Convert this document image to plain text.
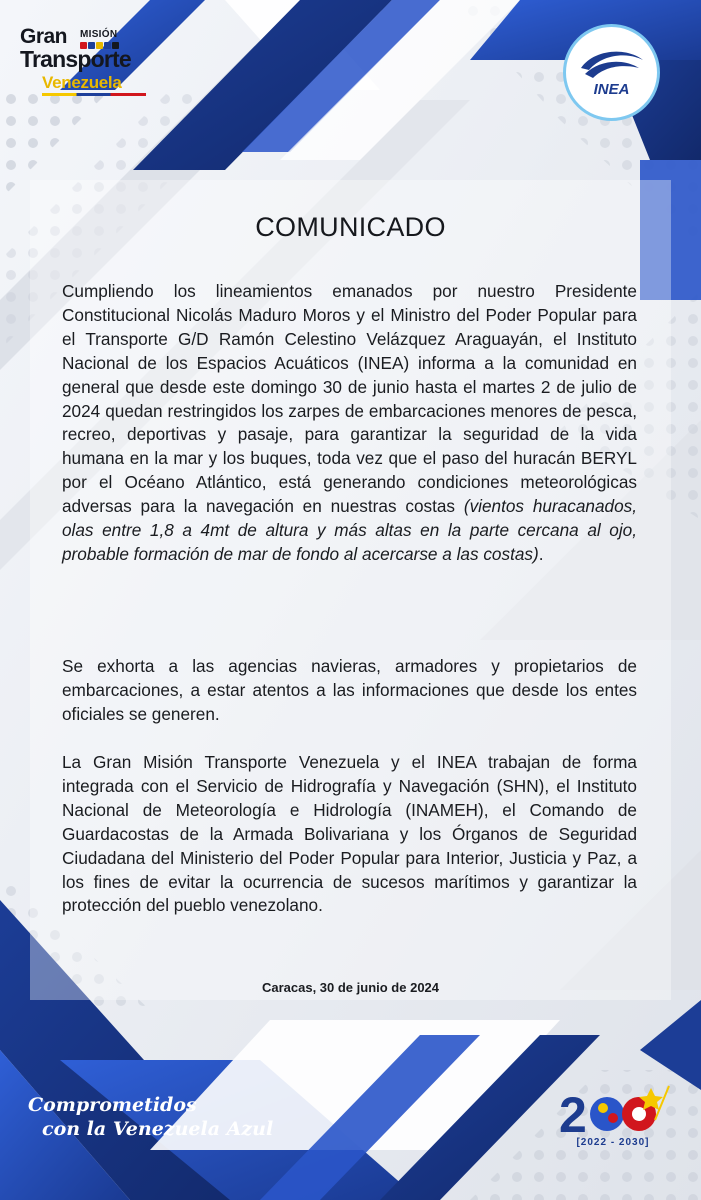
Gran MISIÓN
Transporte
Venezuela	INEA
COMUNICADO

Cumpliendo los lineamientos emanados por nuestro Presidente Constitucional Nicolás Maduro Moros y el Ministro del Poder Popular para el Transporte G/D Ramón Celestino Velázquez Araguayán, el Instituto Nacional de los Espacios Acuáticos (INEA) informa a la comunidad en general que desde este domingo 30 de junio hasta el martes 2 de julio de 2024 quedan restringidos los zarpes de embarcaciones menores de pesca, recreo, deportivas y pasaje, para garantizar la seguridad de la vida humana en la mar y los buques, toda vez que el paso del huracán BERYL por el Océano Atlántico, está generando condiciones meteorológicas adversas para la navegación en nuestras costas (vientos huracanados, olas entre 1,8 a 4mt de altura y más altas en la parte cercana al ojo, probable formación de mar de fondo al acercarse a las costas).

Se exhorta a las agencias navieras, armadores y propietarios de embarcaciones, a estar atentos a las informaciones que desde los entes oficiales se generen.

La Gran Misión Transporte Venezuela y el INEA trabajan de forma integrada con el Servicio de Hidrografía y Navegación (SHN), el Instituto Nacional de Meteorología e Hidrología (INAMEH), el Comando de Guardacostas de la Armada Bolivariana y los Órganos de Seguridad Ciudadana del Ministerio del Poder Popular para Interior, Justicia y Paz, a los fines de evitar la ocurrencia de sucesos marítimos y garantizar la protección del pueblo venezolano.

Caracas, 30 de junio de 2024

Comprometidos
con la Venezuela Azul	2
[2022 - 2030]
